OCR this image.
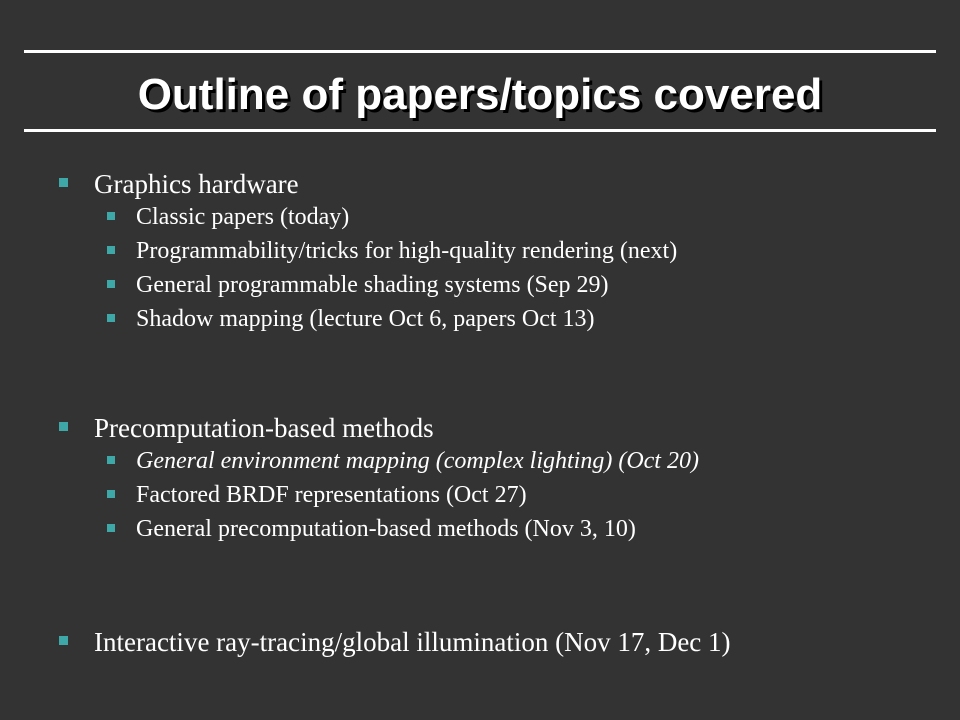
Outline of papers/topics covered
Graphics hardware
Classic papers (today)
Programmability/tricks for high-quality rendering (next)
General programmable shading systems (Sep 29)
Shadow mapping (lecture Oct 6, papers Oct 13)
Precomputation-based methods
General environment mapping (complex lighting) (Oct 20)
Factored BRDF representations (Oct 27)
General precomputation-based methods (Nov 3, 10)
Interactive ray-tracing/global illumination (Nov 17, Dec 1)
